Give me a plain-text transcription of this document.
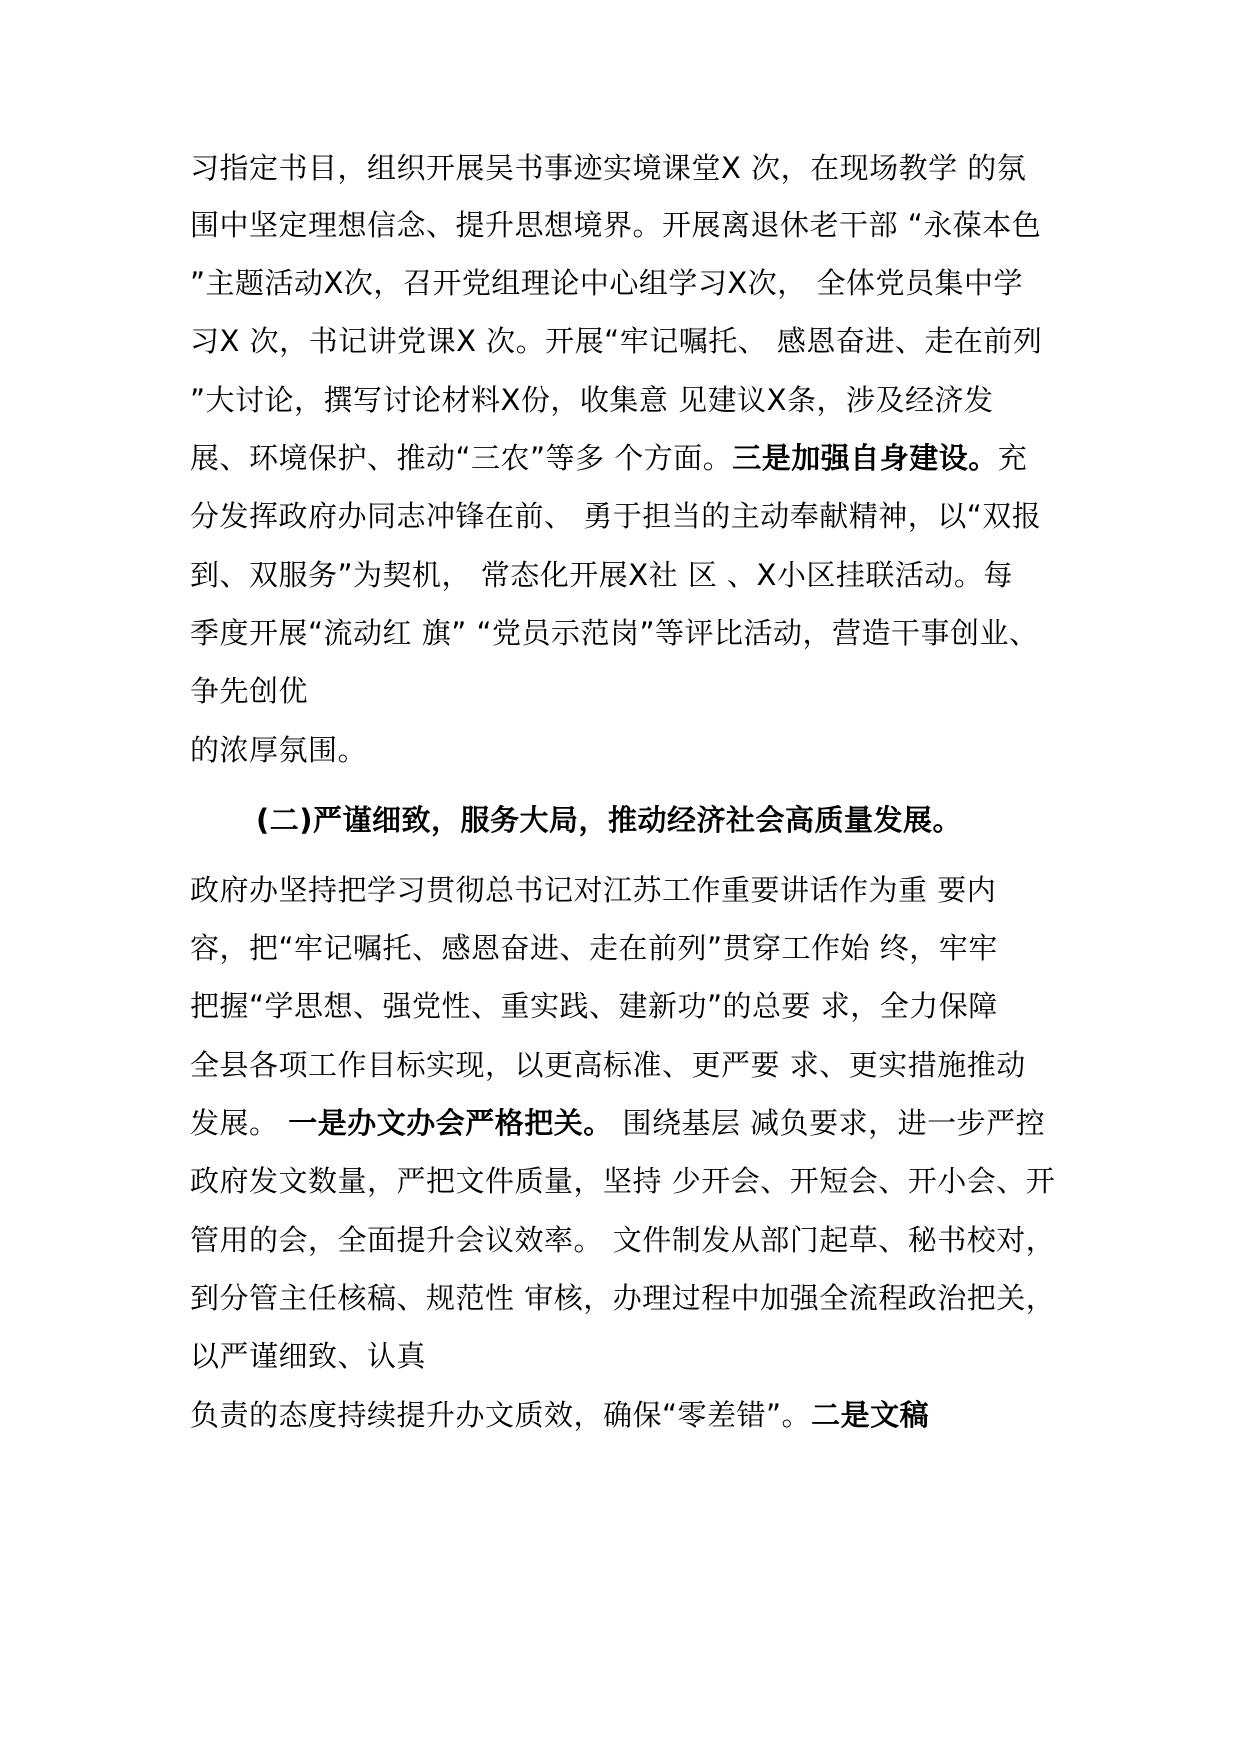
习指定书目，组织开展吴书事迹实境课堂X 次，在现场教学 的氛
围中坚定理想信念、提升思想境界。开展离退休老干部 “永葆本色
”主题活动X次，召开党组理论中心组学习X次， 全体党员集中学
习X 次，书记讲党课X 次。开展“牢记嘱托、 感恩奋进、走在前列
”大讨论，撰写讨论材料X份，收集意 见建议X条，涉及经济发
展、环境保护、推动“三农”等多 个方面。三是加强自身建设。充
分发挥政府办同志冲锋在前、 勇于担当的主动奉献精神，以“双报
到、双服务”为契机， 常态化开展X社 区 、X小区挂联活动。每
季度开展“流动红 旗” “党员示范岗”等评比活动，营造干事创业、
争先创优
的浓厚氛围。
(二)严谨细致，服务大局，推动经济社会高质量发展。
政府办坚持把学习贯彻总书记对江苏工作重要讲话作为重 要内
容，把“牢记嘱托、感恩奋进、走在前列”贯穿工作始 终，牢牢
把握“学思想、强党性、重实践、建新功”的总要 求，全力保障
全县各项工作目标实现，以更高标准、更严要 求、更实措施推动
发展。 一是办文办会严格把关。 围绕基层 减负要求，进一步严控
政府发文数量，严把文件质量，坚持 少开会、开短会、开小会、开
管用的会，全面提升会议效率。 文件制发从部门起草、秘书校对，
到分管主任核稿、规范性 审核，办理过程中加强全流程政治把关，
以严谨细致、认真
负责的态度持续提升办文质效，确保“零差错”。二是文稿
